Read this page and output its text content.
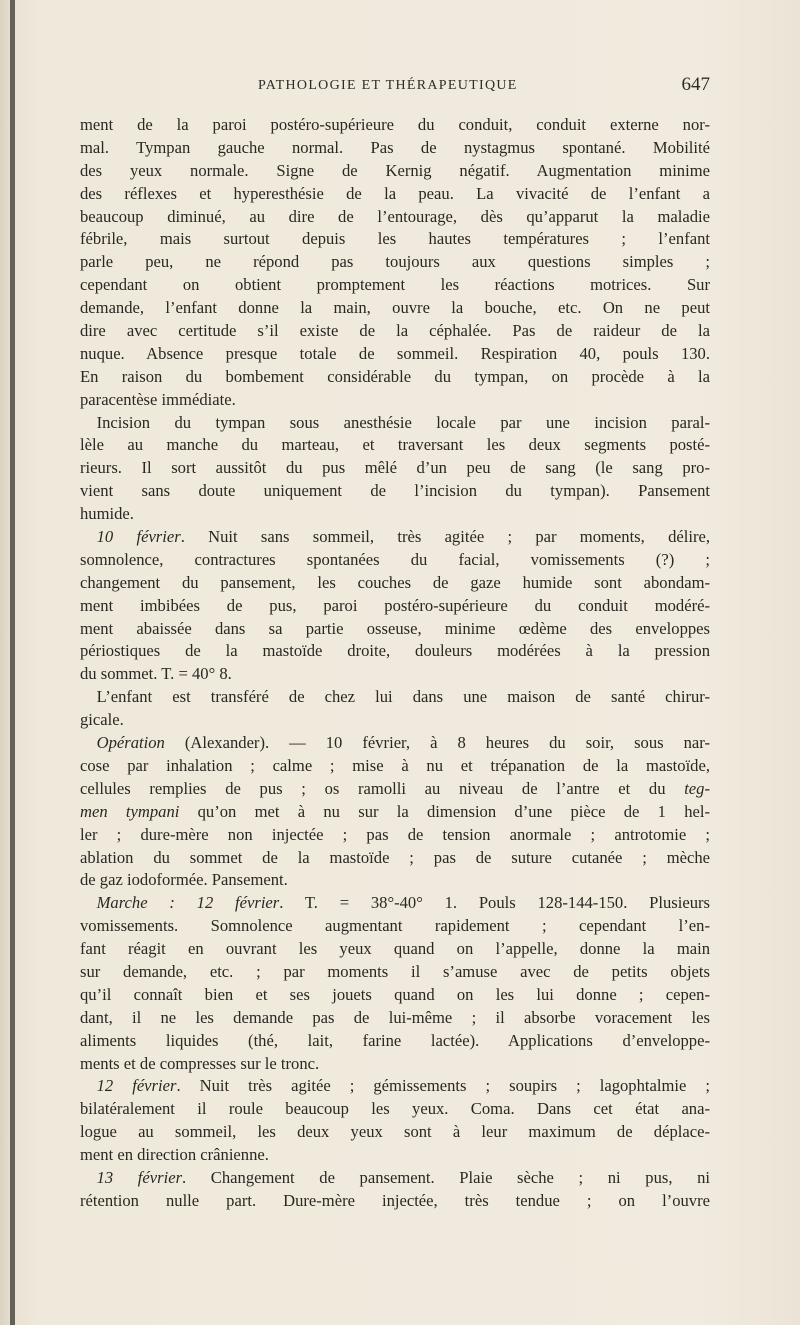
PATHOLOGIE ET THÉRAPEUTIQUE	647
ment de la paroi postéro-supérieure du conduit, conduit externe nor-
mal. Tympan gauche normal. Pas de nystagmus spontané. Mobilité
des yeux normale. Signe de Kernig négatif. Augmentation minime
des réflexes et hyperesthésie de la peau. La vivacité de l’enfant a
beaucoup diminué, au dire de l’entourage, dès qu’apparut la maladie
fébrile, mais surtout depuis les hautes températures ; l’enfant
parle peu, ne répond pas toujours aux questions simples ;
cependant on obtient promptement les réactions motrices. Sur
demande, l’enfant donne la main, ouvre la bouche, etc. On ne peut
dire avec certitude s’il existe de la céphalée. Pas de raideur de la
nuque. Absence presque totale de sommeil. Respiration 40, pouls 130.
En raison du bombement considérable du tympan, on procède à la
paracentèse immédiate.
Incision du tympan sous anesthésie locale par une incision paral-
lèle au manche du marteau, et traversant les deux segments posté-
rieurs. Il sort aussitôt du pus mêlé d’un peu de sang (le sang pro-
vient sans doute uniquement de l’incision du tympan). Pansement
humide.
10 février. Nuit sans sommeil, très agitée ; par moments, délire,
somnolence, contractures spontanées du facial, vomissements (?) ;
changement du pansement, les couches de gaze humide sont abondam-
ment imbibées de pus, paroi postéro-supérieure du conduit modéré-
ment abaissée dans sa partie osseuse, minime œdème des enveloppes
périostiques de la mastoïde droite, douleurs modérées à la pression
du sommet. T. = 40° 8.
L’enfant est transféré de chez lui dans une maison de santé chirur-
gicale.
Opération (Alexander). — 10 février, à 8 heures du soir, sous nar-
cose par inhalation ; calme ; mise à nu et trépanation de la mastoïde,
cellules remplies de pus ; os ramolli au niveau de l’antre et du teg-
men tympani qu’on met à nu sur la dimension d’une pièce de 1 hel-
ler ; dure-mère non injectée ; pas de tension anormale ; antrotomie ;
ablation du sommet de la mastoïde ; pas de suture cutanée ; mèche
de gaz iodoformée. Pansement.
Marche : 12 février. T. = 38°-40° 1. Pouls 128-144-150. Plusieurs
vomissements. Somnolence augmentant rapidement ; cependant l’en-
fant réagit en ouvrant les yeux quand on l’appelle, donne la main
sur demande, etc. ; par moments il s’amuse avec de petits objets
qu’il connaît bien et ses jouets quand on les lui donne ; cepen-
dant, il ne les demande pas de lui-même ; il absorbe voracement les
aliments liquides (thé, lait, farine lactée). Applications d’enveloppe-
ments et de compresses sur le tronc.
12 février. Nuit très agitée ; gémissements ; soupirs ; lagophtalmie ;
bilatéralement il roule beaucoup les yeux. Coma. Dans cet état ana-
logue au sommeil, les deux yeux sont à leur maximum de déplace-
ment en direction crânienne.
13 février. Changement de pansement. Plaie sèche ; ni pus, ni
rétention nulle part. Dure-mère injectée, très tendue ; on l’ouvre
